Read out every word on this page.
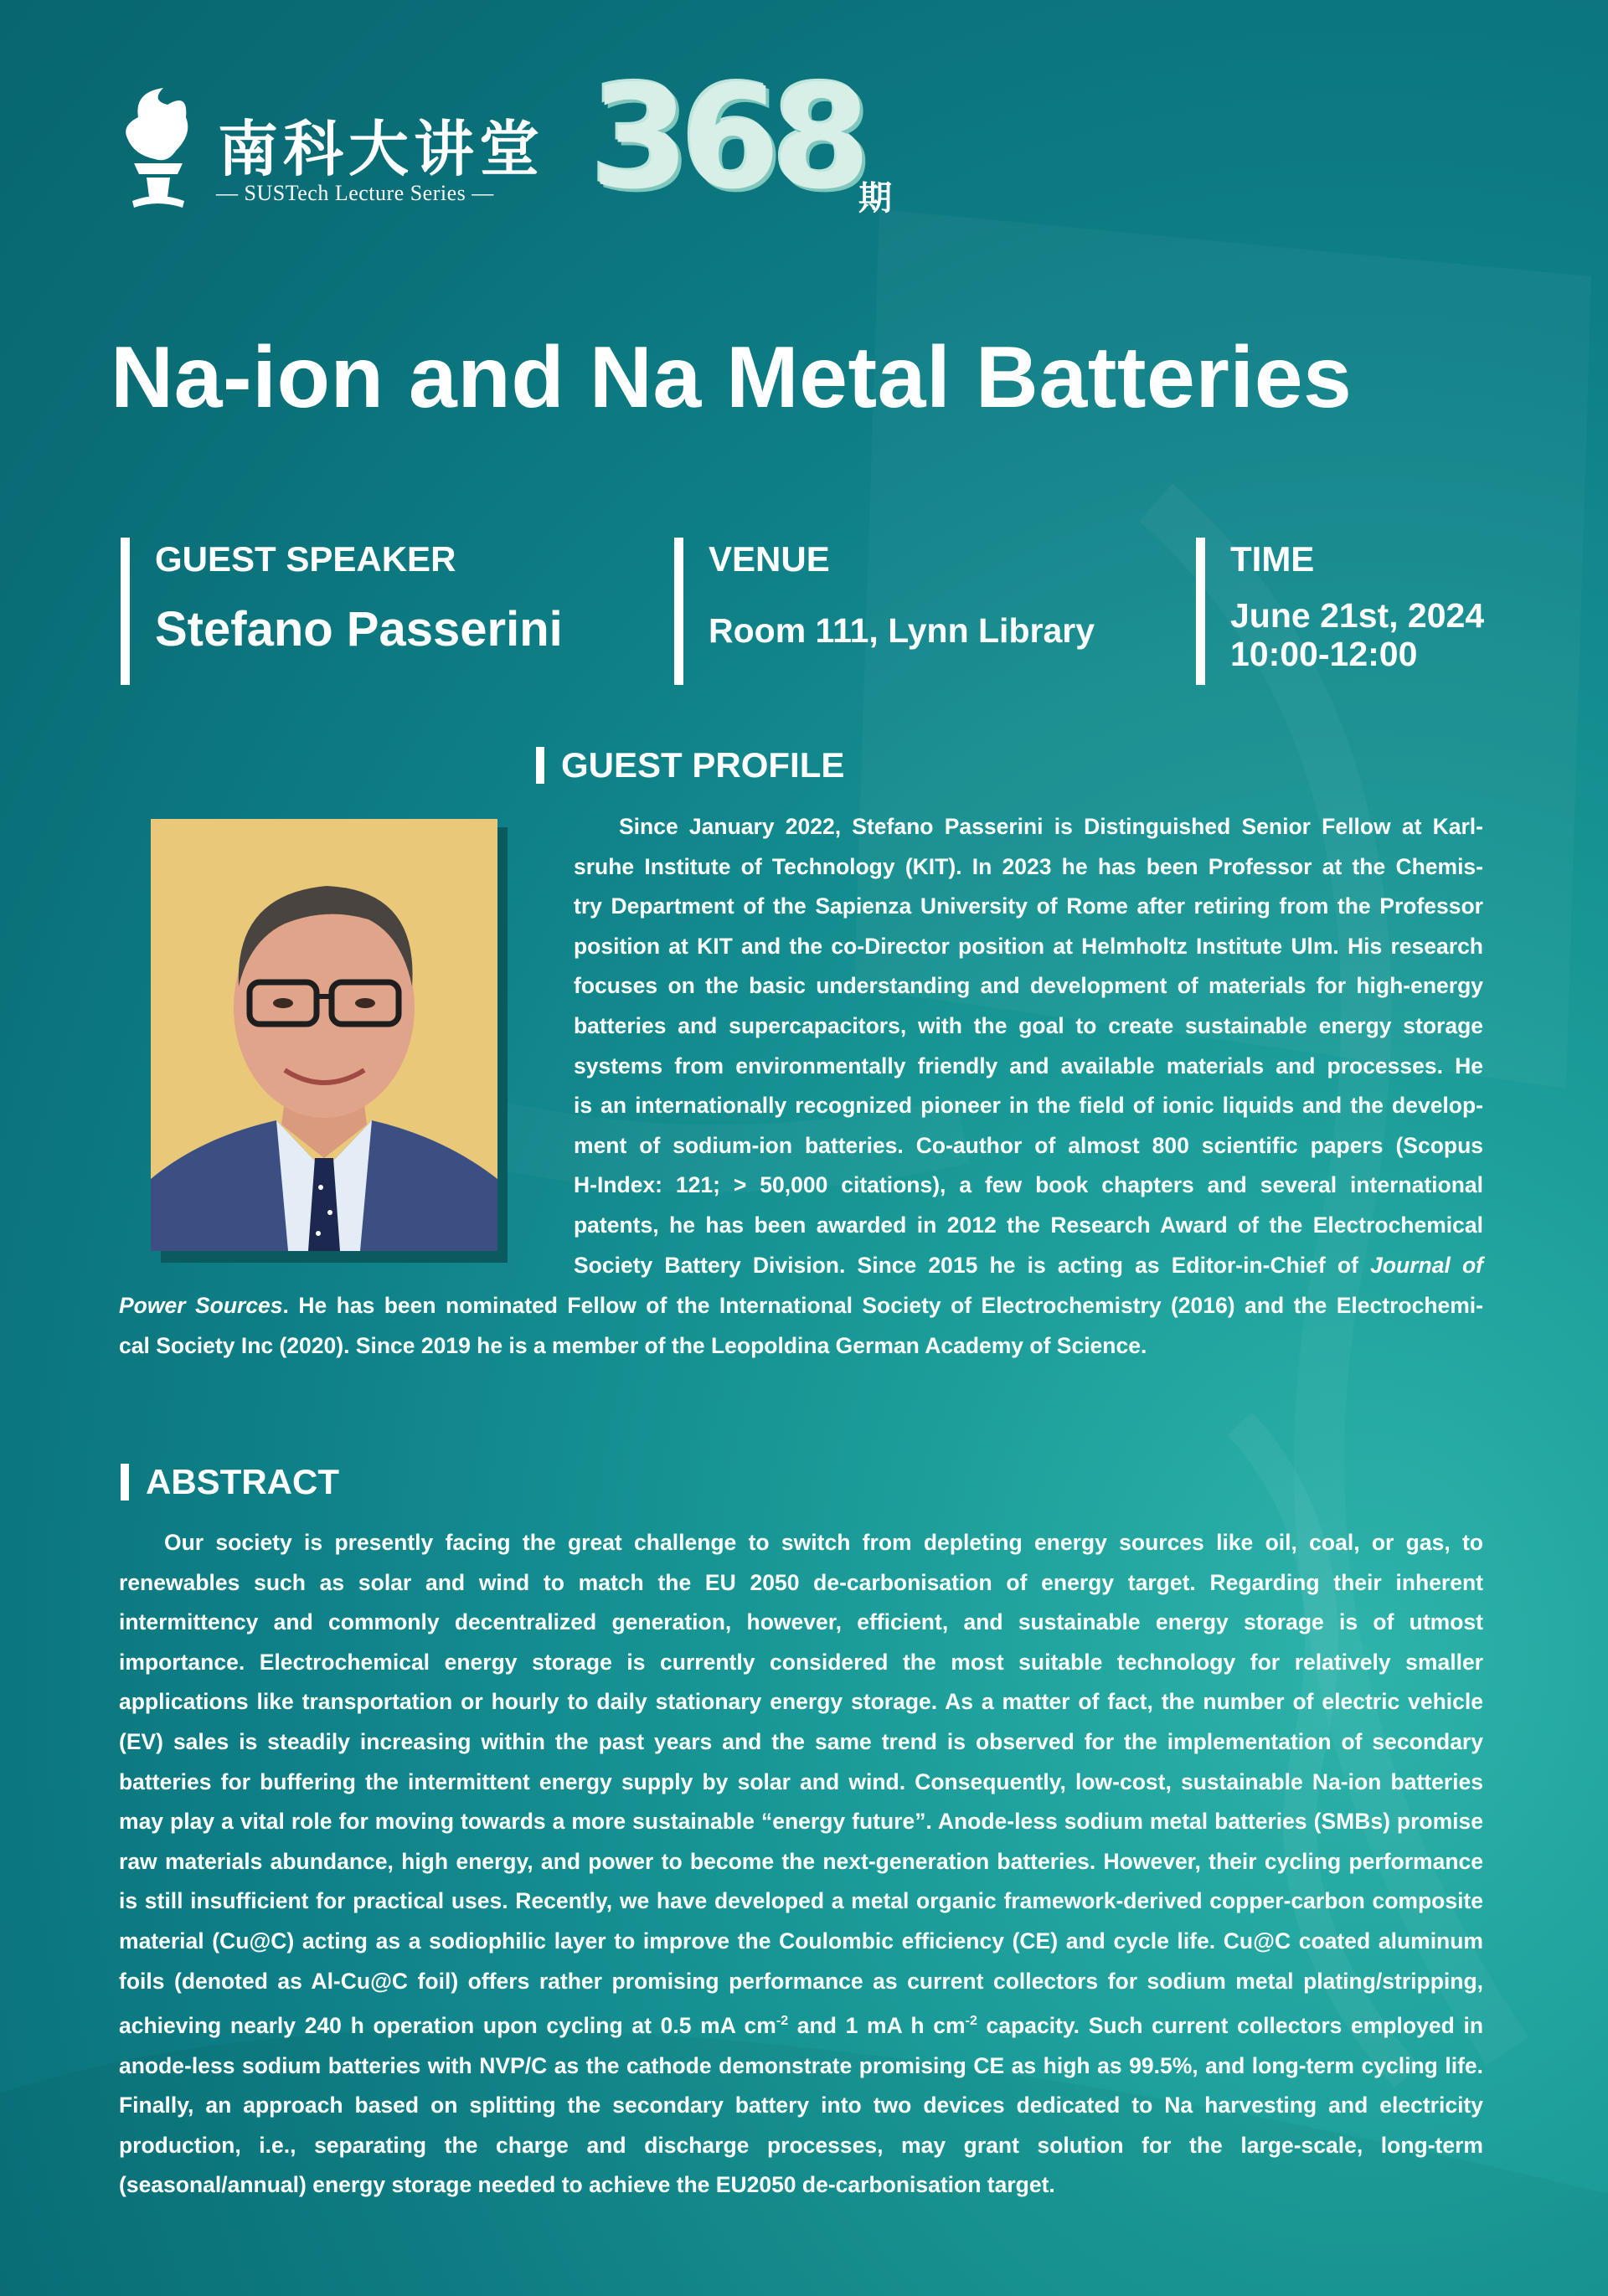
南科大讲堂
— SUSTech Lecture Series — 368
期
Na-ion and Na Metal Batteries
GUEST SPEAKER
Stefano Passerini
VENUE
Room 111, Lynn Library
TIME
June 21st, 2024
10:00-12:00
GUEST PROFILE

Since January 2022, Stefano Passerini is Distinguished Senior Fellow at Karl-

sruhe Institute of Technology (KIT). In 2023 he has been Professor at the Chemis-

try Department of the Sapienza University of Rome after retiring from the Professor

position at KIT and the co-Director position at Helmholtz Institute Ulm. His research

focuses on the basic understanding and development of materials for high-energy

batteries and supercapacitors, with the goal to create sustainable energy storage

systems from environmentally friendly and available materials and processes. He

is an internationally recognized pioneer in the field of ionic liquids and the develop-

ment of sodium-ion batteries. Co-author of almost 800 scientific papers (Scopus

H-Index: 121; > 50,000 citations), a few book chapters and several international

patents, he has been awarded in 2012 the Research Award of the Electrochemical

Society Battery Division. Since 2015 he is acting as Editor-in-Chief of Journal of

Power Sources. He has been nominated Fellow of the International Society of Electrochemistry (2016) and the Electrochemi-

cal Society Inc (2020). Since 2019 he is a member of the Leopoldina German Academy of Science.

ABSTRACT

Our society is presently facing the great challenge to switch from depleting energy sources like oil, coal, or gas, to renewables such as solar and wind to match the EU 2050 de-carbonisation of energy target. Regarding their inherent intermittency and commonly decentralized generation, however, efficient, and sustainable energy storage is of utmost importance. Electrochemical energy storage is currently considered the most suitable technology for relatively smaller applications like transportation or hourly to daily stationary energy storage. As a matter of fact, the number of electric vehicle (EV) sales is steadily increasing within the past years and the same trend is observed for the implementation of secondary batteries for buffering the intermittent energy supply by solar and wind. Consequently, low-cost, sustainable Na-ion batteries may play a vital role for moving towards a more sustainable “energy future”. Anode-less sodium metal batteries (SMBs) promise raw materials abundance, high energy, and power to become the next-generation batteries. However, their cycling performance is still insufficient for practical uses. Recently, we have developed a metal organic framework-derived copper-carbon composite material (Cu@C) acting as a sodiophilic layer to improve the Coulombic efficiency (CE) and cycle life. Cu@C coated aluminum foils (denoted as Al-Cu@C foil) offers rather promising performance as current collectors for sodium metal plating/stripping, achieving nearly 240 h operation upon cycling at 0.5 mA $cm^{-2}$ and 1 mA h $cm^{-2}$ capacity. Such current collectors employed in anode-less sodium batteries with NVP/C as the cathode demonstrate promising CE as high as 99.5%, and long-term cycling life. Finally, an approach based on splitting the secondary battery into two devices dedicated to Na harvesting and electricity production, i.e., separating the charge and discharge processes, may grant solution for the large-scale, long-term (seasonal/annual) energy storage needed to achieve the EU2050 de-carbonisation target.
